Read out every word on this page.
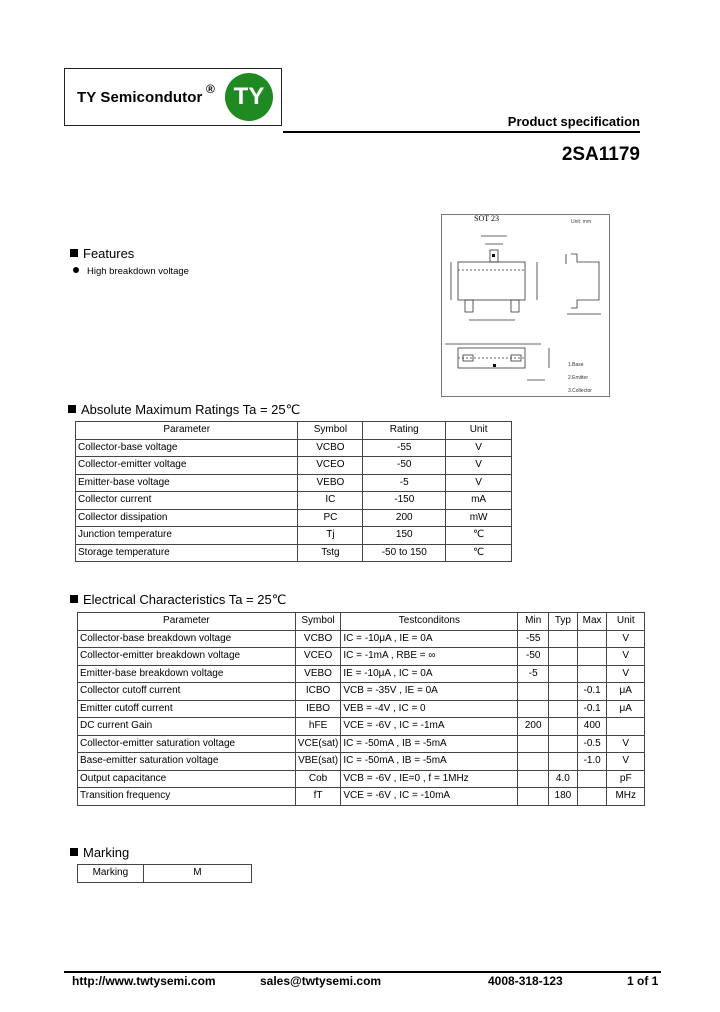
TY Semicondutor ® TY
Product specification
2SA1179
SOT 23	Unit: mm
1.Base
2.Emitter
3.Collector
Features
High breakdown voltage
Absolute Maximum Ratings Ta = 25℃
Parameter	Symbol	Rating	Unit
Collector-base voltage	VCBO	-55	V
Collector-emitter voltage	VCEO	-50	V
Emitter-base voltage	VEBO	-5	V
Collector current	IC	-150	mA
Collector dissipation	PC	200	mW
Junction temperature	Tj	150	℃
Storage temperature	Tstg	-50 to 150	℃
Electrical Characteristics Ta = 25℃
Parameter	Symbol	Testconditons	Min	Typ	Max	Unit
Collector-base breakdown voltage	VCBO	IC = -10μA , IE = 0A	-55			V
Collector-emitter breakdown voltage	VCEO	IC = -1mA , RBE = ∞	-50			V
Emitter-base breakdown voltage	VEBO	IE = -10μA , IC = 0A	-5			V
Collector cutoff current	ICBO	VCB = -35V , IE = 0A			-0.1	μA
Emitter cutoff current	IEBO	VEB = -4V , IC = 0			-0.1	μA
DC current Gain	hFE	VCE = -6V , IC = -1mA	200		400	
Collector-emitter saturation voltage	VCE(sat)	IC = -50mA , IB = -5mA			-0.5	V
Base-emitter saturation voltage	VBE(sat)	IC = -50mA , IB = -5mA			-1.0	V
Output capacitance	Cob	VCB = -6V , IE=0 , f = 1MHz		4.0		pF
Transition frequency	fT	VCE = -6V , IC = -10mA		180		MHz
Marking
Marking	M
http://www.twtysemi.com	sales@twtysemi.com	4008-318-123	1 of 1
